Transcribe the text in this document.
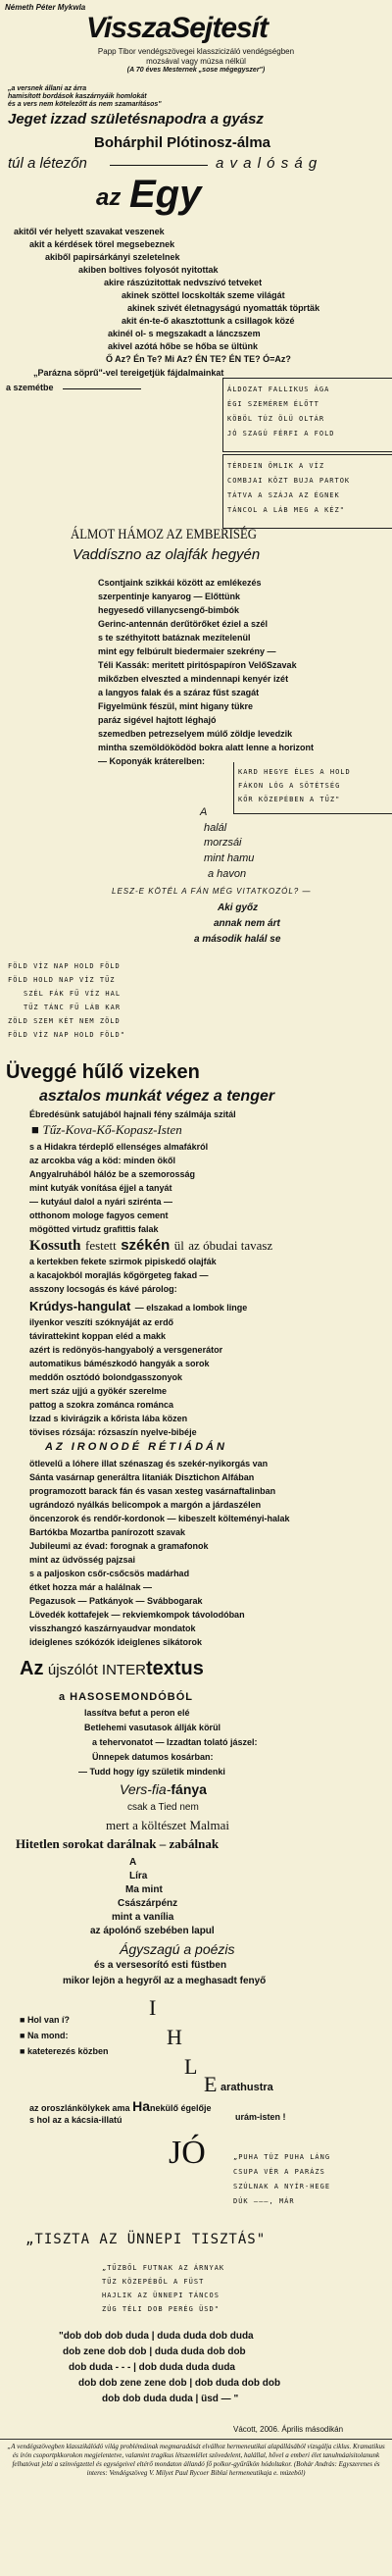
Németh Péter Mykwla
VisszaSejtesít
Papp Tibor vendégszövegei klasszicizáló vendégségben
mozsával vagy múzsa nélkül
(A 70 éves Mesternek „sose mégegyszer")
„a versnek állani az árra
hamisított bordások kaszárnyáik homlokát
és a vers nem kötelezőtt ás nem szamarításos"
Jeget izzad születésnapodra a gyász
Bohárphil Plótinosz-álma
túl a létezőn	a v a l ó s á g
az Egy
akitől vér helyett szavakat veszenek
akit a kérdések törel megsebeznek
akiből papirsárkányi szeletelnek
akiben boltives folyosót nyitottak
akire rászúzitottak nedvszívó tetveket
akinek szöttel locskolták szeme világát
akinek szivét életnagyságú nyomatták töprtäk
akit én-te-ő akasztottunk a csillagok közé
akinél ol- s megszakadt a lánczszem
akivel azótá hőbe se hőba se ültünk
Ő Az? Én Te? Mi Az? ÉN TE? ÉN TE? Ó=Az?
„Parázna söprű"-vel tereigetjük fájdalmainkat
a szemétbe	ÁLDOZAT FALLIKUS ÁGA
ÉGI SZEMÉREM ÉLŐTT
KÖBÖL TÚZ ÖLÜ OLTÁR
JÓ SZAGÚ FÉRFI A FOLD
TÉRDEIN ÖMLIK A VÍZ
COMBJAI KÖZT BUJA PARTOK
TÁTVA A SZÁJA AZ ÉGNEK
TÁNCOL A LÁB MEG A KÉZ"
ÁLMOT HÁMOZ AZ EMBERISÉG
Vaddíszno az olajfák hegyén
Csontjaink szikkái között az emlékezés
szerpentinje kanyarog — Előttünk
hegyesedő villanycsengő-bimbók
Gerinc-antennán derűtörőket éziel a szél
s te széthyitott batáznak mezítelenül
mint egy felbúrult biedermaier szekrény —
Téli Kassák: meritett piritóspapíron VelőSzavak
mikőzben elveszted a mindennapi kenyér izét
a langyos falak és a száraz fűst szagát
Figyelmünk fészül, mint higany tükre
paráz sigével hajtott léghajó
szemedben petrezselyem múlő zöldje levedzik
mintha szemöldöködöd bokra alatt lenne a horizont
— Koponyák kráterelben:
KARD HEGYE ÉLES A HOLD
FÁKON LÓG A SÖTÉTSÉG
KŐR KÖZEPÉBEN A TŰZ"
A
halál
morzsái
mint hamu
a havon
LESZ-E KÖTÉL A FÁN MÉG VITATKOZÓL? —
Aki győz
annak nem árt
a második halál se
FÖLD VÍZ NAP HOLD FÖLD
FÖLD HOLD NAP VÍZ TŰZ
SZÉL FÁK FŰ VÍZ HAL
TŰZ TÁNC FŰ LÁB KAR
ZÖLD SZEM KÉT NEM ZÖLD
FÖLD VÍZ NAP HOLD FÖLD"
Üveggé hűlő vizeken
asztalos munkát végez a tenger
Ébredésünk satujából hajnali fény szálmája szitál
■ Tűz-Kova-Kő-Kopasz-Isten
s a Hidakra térdeplő ellenséges almafákról
az arcokba vág a köd: minden ökől
Angyalruhából hálóz be a szemorosság
mint kutyák vonítása éjjel a tanyát
— kutyául dalol a nyári szirénta —
otthonom mologe fagyos cement
mögötted virtudz grafittis falak
Kossuth festett székén ül az óbudai tavasz
a kertekben fekete szirmok pipiskedő olajfák
a kacajokból morajlás kőgörgeteg fakad —
asszony locsogás és kávé párolog:
Krúdys-hangulat — elszakad a lombok linge
ilyenkor veszíti szóknyáját az erdő
távirattekint koppan eléd a makk
azért is redönyös-hangyabolý a versgenerátor
automatikus bámészkodó hangyák a sorok
meddőn osztódó bolondgasszonyok
mert száz ujjú a gyökér szerelme
pattog a szokra zománca románca
Izzad s kivirágzik a kőrista lába közen
tövises rózsája: rózsaszín nyelve-bibéje
AZ IRONODÉ RÉTIÁDÁN
ötlevelű a lóhere illat szénaszag és szekér-nyikorgás van
Sánta vasárnap generáltra litaniák Disztichon Alfában
programozott barack fán és vasan xesteg vasárnaftalinban
ugrándozó nyálkás belicompok a margón a járdaszélen
öncenzorok és rendőr-kordonok — kibeszelt költeményi-halak
Bartókba Mozartba panírozott szavak
Jubileumi az évad: forognak a gramafonok
mint az üdvösség pajzsai
s a paljoskon csőr-csőcsös madárhad
étket hozza már a halálnak —
Pegazusok — Patkányok — Svábbogarak
Lövedék kottafejek — rekviemkompok távolodóban
visszhangzó kaszárnyaudvar mondatok
ideiglenes szókózók ideiglenes sikátorok
Az újszólót INTERtextus
a HASOSEMONDÓBÓL
lassítva befut a peron elé
Betlehemi vasutasok állják körül
a tehervonatot — Izzadtan tolató jászel:
Ünnepek datumos kosárban:
— Tudd hogy így születik mindenki
Vers-fia-fánya
csak a Tied nem
mert a költészet Malmai
Hitetlen sorokat darálnak – zabálnak
A
Líra
Ma mint
Császárpénz
mint a vanília
az ápolónő szebében lapul
Ágyszagú a poézis
és a versesorító esti füstben
mikor lejön a hegyről az a meghasadt fenyő
■ Hol van í?
■ Na mond:
■ kateterezés közben
I
H
L
E arathustra
az oroszlánkölykek ama Hanekülő égelője
s hol az a kácsia-illatú	urám-isten !
JÓ	„PUHA TÚZ PUHA LÁNG
CSUPA VÉR A PARÁZS
SZÚLNAK A NYÍR-HEGE
DÚK ———, MÁR
„TISZTA AZ ÜNNEPI TISZTÁS"
„TŰZBŐL FUTNAK AZ ÁRNYAK
TŰZ KÖZEPÉBŐL A FÜST
HAJLIK AZ ÜNNEPI TÁNCOS
ZÚG TÉLI DOB PERÉG ÜSD"
"dob dob dob duda | duda duda dob duda
dob zene dob dob | duda duda dob dob
dob duda - - - | dob duda duda duda
dob dob zene zene dob | dob duda dob dob
dob dob duda duda | üsd — "
Vácott, 2006. Április másodikán
„A vendégszövegben klasszikálódó világ problémáinak megmaradását elválhoz hermeneutikai alapállásából vizsgálja ciklus. Kramatikus és írón csoportpkkorokon megjelentetve, valamint tragikus létszemlélet szövedelent, halállal, hővel a emberi élet tanulmáaisitolanunk felhatóvat jelzi a színvégzettel és egységeivel eltérő mondaton állandó fő polkor-gyűrűkön hódoltakor. (Bohár András: Egyszerenes és interes: Vendégszöveg V. Milyet Paul Rycoer Biblaí hermeneutikaja e. múzeböl)
